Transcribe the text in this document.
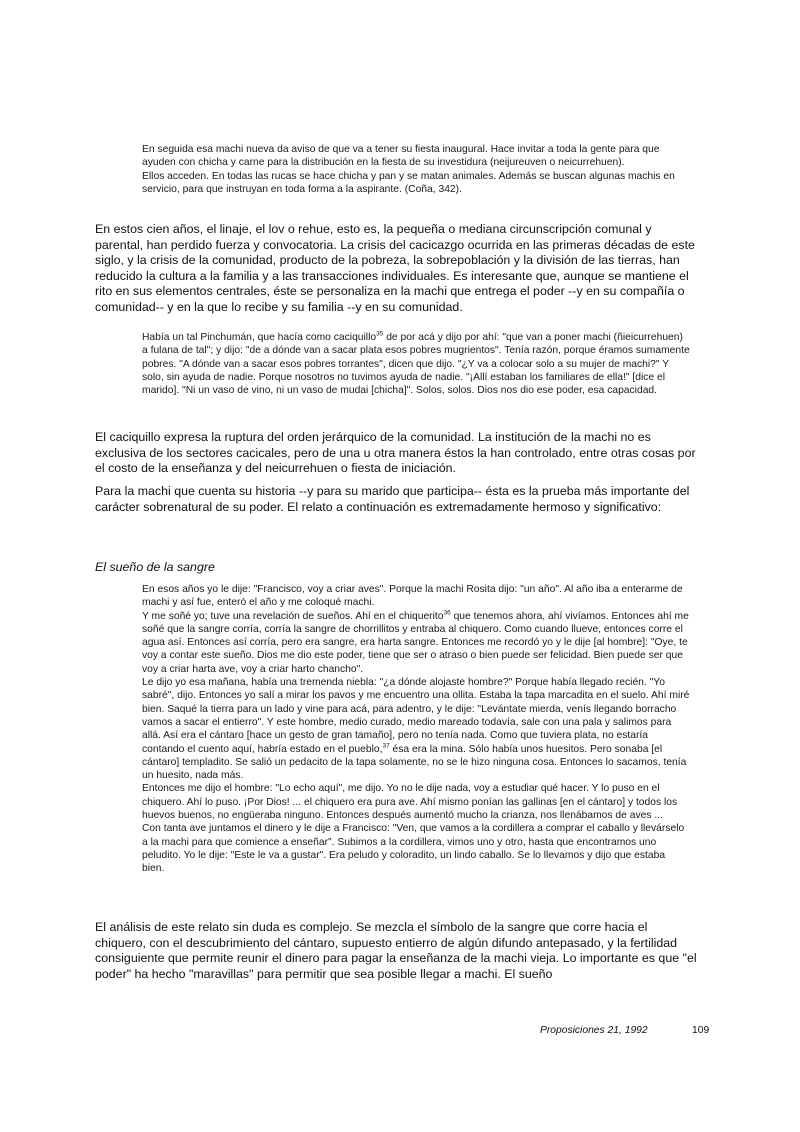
En seguida esa machi nueva da aviso de que va a tener su fiesta inaugural. Hace invitar a toda la gente para que ayuden con chicha y carne para la distribución en la fiesta de su investidura (neijureuven o neicurrehuen).

Ellos acceden. En todas las rucas se hace chicha y pan y se matan animales. Además se buscan algunas machis en servicio, para que instruyan en toda forma a la aspirante. (Coña, 342).

En estos cien años, el linaje, el lov o rehue, esto es, la pequeña o mediana circunscripción comunal y parental, han perdido fuerza y convocatoria. La crisis del cacicazgo ocurrida en las primeras décadas de este siglo, y la crisis de la comunidad, producto de la pobreza, la sobrepoblación y la división de las tierras, han reducido la cultura a la familia y a las transacciones individuales. Es interesante que, aunque se mantiene el rito en sus elementos centrales, éste se personaliza en la machi que entrega el poder --y en su compañía o comunidad-- y en la que lo recibe y su familia --y en su comunidad.

Había un tal Pinchumán, que hacía como caciquillo$^{35}$ de por acá y dijo por ahí: "que van a poner machi (ñieicurrehuen) a fulana de tal"; y dijo: "de a dónde van a sacar plata esos pobres mugrientos". Tenía razón, porque éramos sumamente pobres. "A dónde van a sacar esos pobres torrantes", dicen que dijo. "¿Y va a colocar solo a su mujer de machi?" Y solo, sin ayuda de nadie. Porque nosotros no tuvimos ayuda de nadie. "¡Allí estaban los familiares de ella!" [dice el marido]. "Ni un vaso de vino, ni un vaso de mudai [chicha]". Solos, solos. Dios nos dio ese poder, esa capacidad.

El caciquillo expresa la ruptura del orden jerárquico de la comunidad. La institución de la machi no es exclusiva de los sectores cacicales, pero de una u otra manera éstos la han controlado, entre otras cosas por el costo de la enseñanza y del neicurrehuen o fiesta de iniciación.

Para la machi que cuenta su historia --y para su marido que participa-- ésta es la prueba más importante del carácter sobrenatural de su poder. El relato a continuación es extremadamente hermoso y significativo:

El sueño de la sangre

En esos años yo le dije: "Francisco, voy a criar aves". Porque la machi Rosita dijo: "un año". Al año iba a enterarme de machi y así fue, enteró el año y me coloqué machi.

Y me soñé yo; tuve una revelación de sueños. Ahí en el chiquerito$^{36}$ que tenemos ahora, ahí vivíamos. Entonces ahí me soñé que la sangre corría, corría la sangre de chorrillitos y entraba al chiquero. Como cuando llueve, entonces corre el agua así. Entonces así corría, pero era sangre, era harta sangre. Entonces me recordó yo y le dije [al hombre]: "Oye, te voy a contar este sueño. Dios me dio este poder, tiene que ser o atraso o bien puede ser felicidad. Bien puede ser que voy a criar harta ave, voy a criar harto chancho".

Le dijo yo esa mañana, había una tremenda niebla: "¿a dónde alojaste hombre?" Porque había llegado recién. "Yo sabré", dijo. Entonces yo salí a mirar los pavos y me encuentro una ollita. Estaba la tapa marcadita en el suelo. Ahí miré bien. Saqué la tierra para un lado y vine para acá, para adentro, y le dije: "Levántate mierda, venís llegando borracho vamos a sacar el entierro". Y este hombre, medio curado, medio mareado todavía, sale con una pala y salimos para allá. Así era el cántaro [hace un gesto de gran tamaño], pero no tenía nada. Como que tuviera plata, no estaría contando el cuento aquí, habría estado en el pueblo,$^{37}$ ésa era la mina. Sólo había unos huesitos. Pero sonaba [el cántaro] templadito. Se salió un pedacito de la tapa solamente, no se le hizo ninguna cosa. Entonces lo sacamos, tenía un huesito, nada más.

Entonces me dijo el hombre: "Lo echo aquí", me dijo. Yo no le dije nada, voy a estudiar qué hacer. Y lo puso en el chiquero. Ahí lo puso. ¡Por Dios! ... el chiquero era pura ave. Ahí mismo ponían las gallinas [en el cántaro] y todos los huevos buenos, no engüeraba ninguno. Entonces después aumentó mucho la crianza, nos llenábamos de aves ...

Con tanta ave juntamos el dinero y le dije a Francisco: "Ven, que vamos a la cordillera a comprar el caballo y llevárselo a la machi para que comience a enseñar". Subimos a la cordillera, vimos uno y otro, hasta que encontramos uno peludito. Yo le dije: "Este le va a gustar". Era peludo y coloradito, un lindo caballo. Se lo llevamos y dijo que estaba bien.

El análisis de este relato sin duda es complejo. Se mezcla el símbolo de la sangre que corre hacia el chiquero, con el descubrimiento del cántaro, supuesto entierro de algún difundo antepasado, y la fertilidad consiguiente que permite reunir el dinero para pagar la enseñanza de la machi vieja. Lo importante es que "el poder" ha hecho "maravillas" para permitir que sea posible llegar a machi. El sueño

Proposiciones 21, 1992	109
